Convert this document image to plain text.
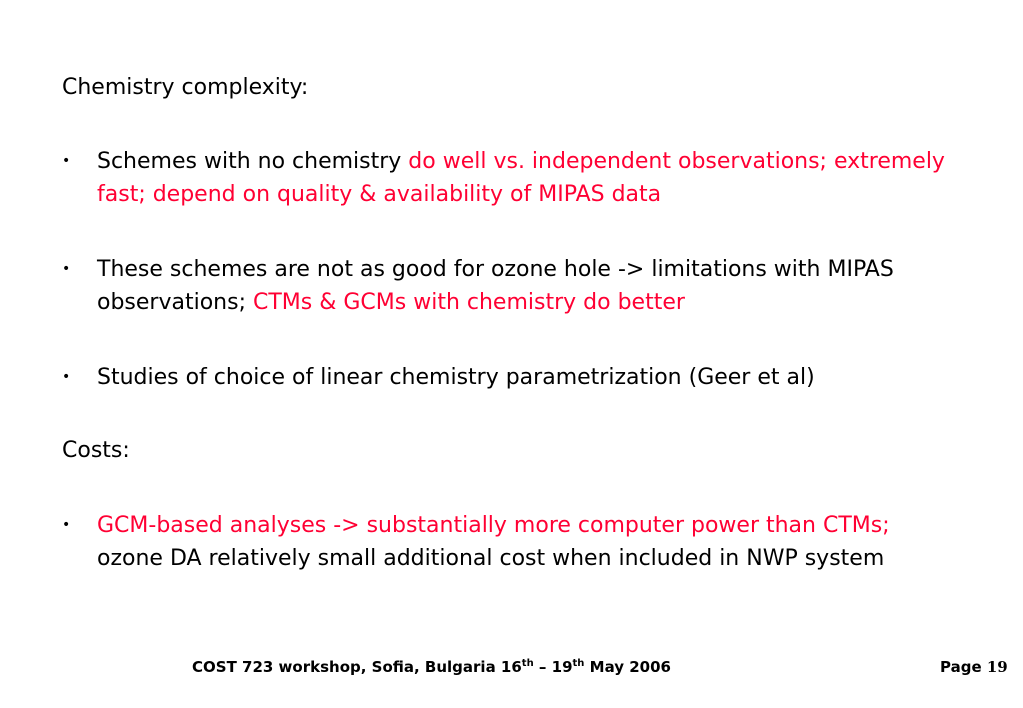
Chemistry complexity:
•	Schemes with no chemistry do well vs. independent observations; extremely fast; depend on quality & availability of MIPAS data
•	These schemes are not as good for ozone hole -> limitations with MIPAS observations; CTMs & GCMs with chemistry do better
•	Studies of choice of linear chemistry parametrization (Geer et al)
Costs:
•	GCM-based analyses -> substantially more computer power than CTMs;
ozone DA relatively small additional cost when included in NWP system
COST 723 workshop, Sofia, Bulgaria 16th – 19th May 2006	Page 19
